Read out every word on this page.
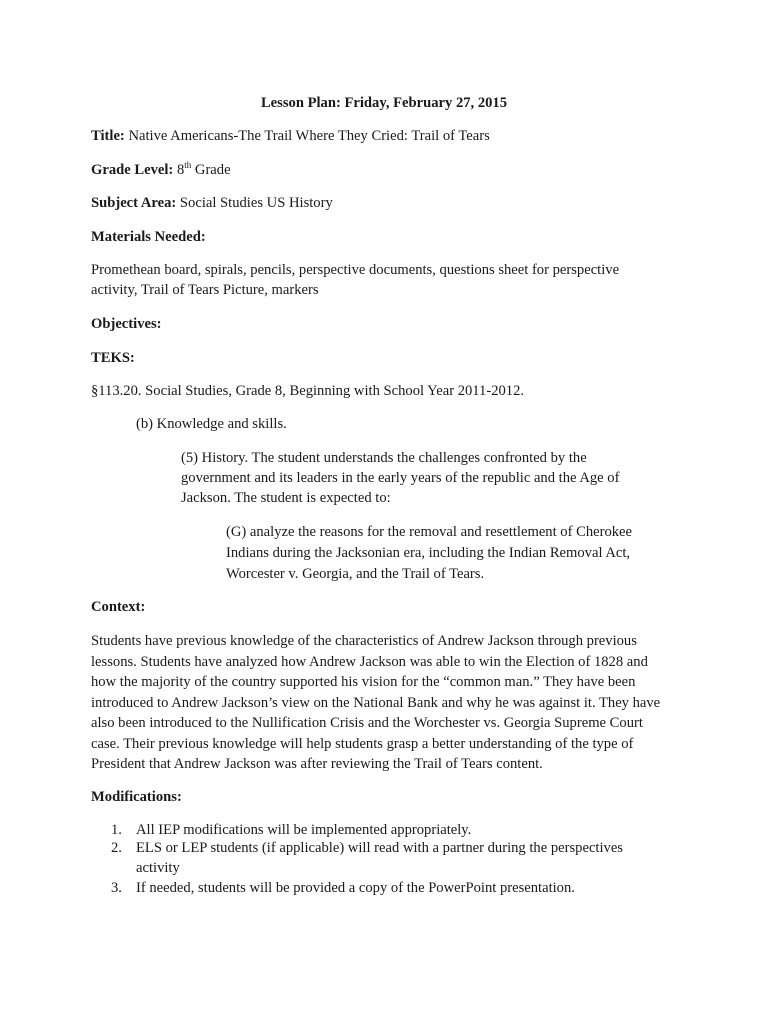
Lesson Plan: Friday, February 27, 2015
Title: Native Americans-The Trail Where They Cried: Trail of Tears
Grade Level: 8th Grade
Subject Area: Social Studies US History
Materials Needed:
Promethean board, spirals, pencils, perspective documents, questions sheet for perspective
activity, Trail of Tears Picture, markers
Objectives:
TEKS:
§113.20. Social Studies, Grade 8, Beginning with School Year 2011-2012.
(b) Knowledge and skills.
(5) History. The student understands the challenges confronted by the
government and its leaders in the early years of the republic and the Age of
Jackson. The student is expected to:
(G) analyze the reasons for the removal and resettlement of Cherokee
Indians during the Jacksonian era, including the Indian Removal Act,
Worcester v. Georgia, and the Trail of Tears.
Context:
Students have previous knowledge of the characteristics of Andrew Jackson through previous
lessons. Students have analyzed how Andrew Jackson was able to win the Election of 1828 and
how the majority of the country supported his vision for the “common man.” They have been
introduced to Andrew Jackson’s view on the National Bank and why he was against it. They have
also been introduced to the Nullification Crisis and the Worchester vs. Georgia Supreme Court
case. Their previous knowledge will help students grasp a better understanding of the type of
President that Andrew Jackson was after reviewing the Trail of Tears content.
Modifications:
1. All IEP modifications will be implemented appropriately.
2. ELS or LEP students (if applicable) will read with a partner during the perspectives
activity
3. If needed, students will be provided a copy of the PowerPoint presentation.
